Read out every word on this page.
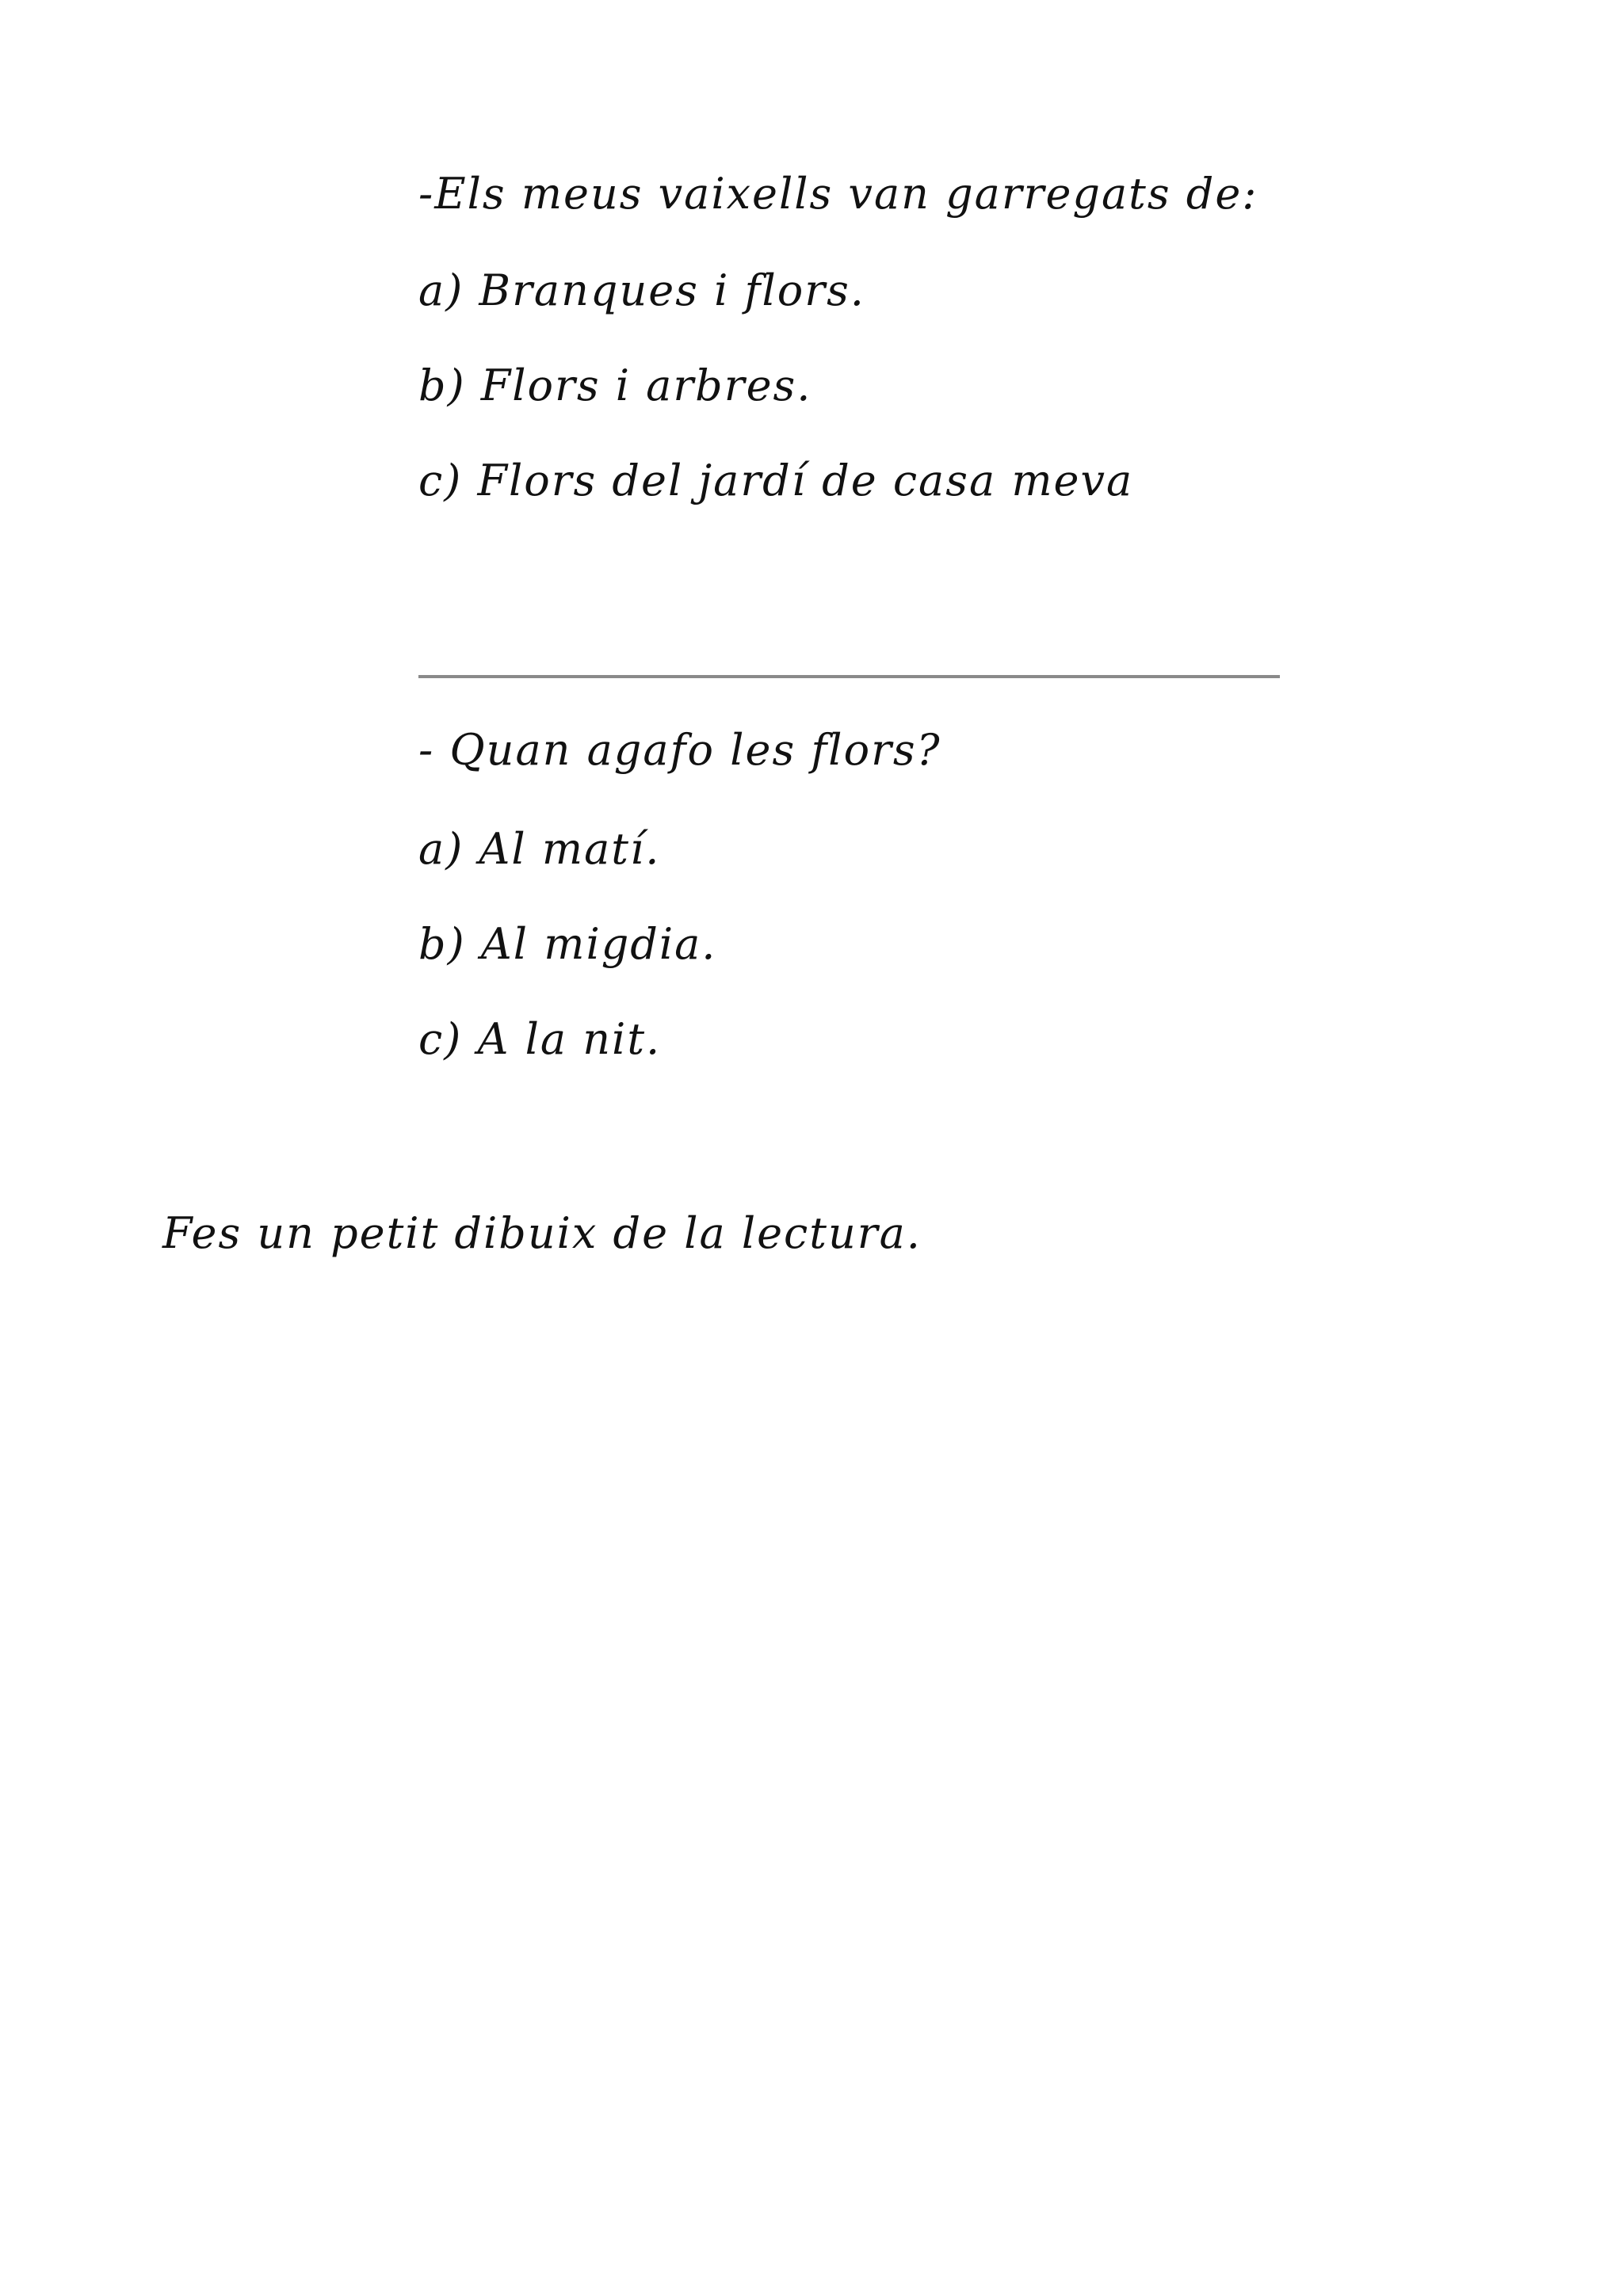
-Els meus vaixells van garregats de:
a) Branques i flors.
b) Flors i arbres.
c) Flors del jardí de casa meva
- Quan agafo les flors?
a) Al matí.
b) Al migdia.
c) A la nit.
Fes un petit dibuix de la lectura.
